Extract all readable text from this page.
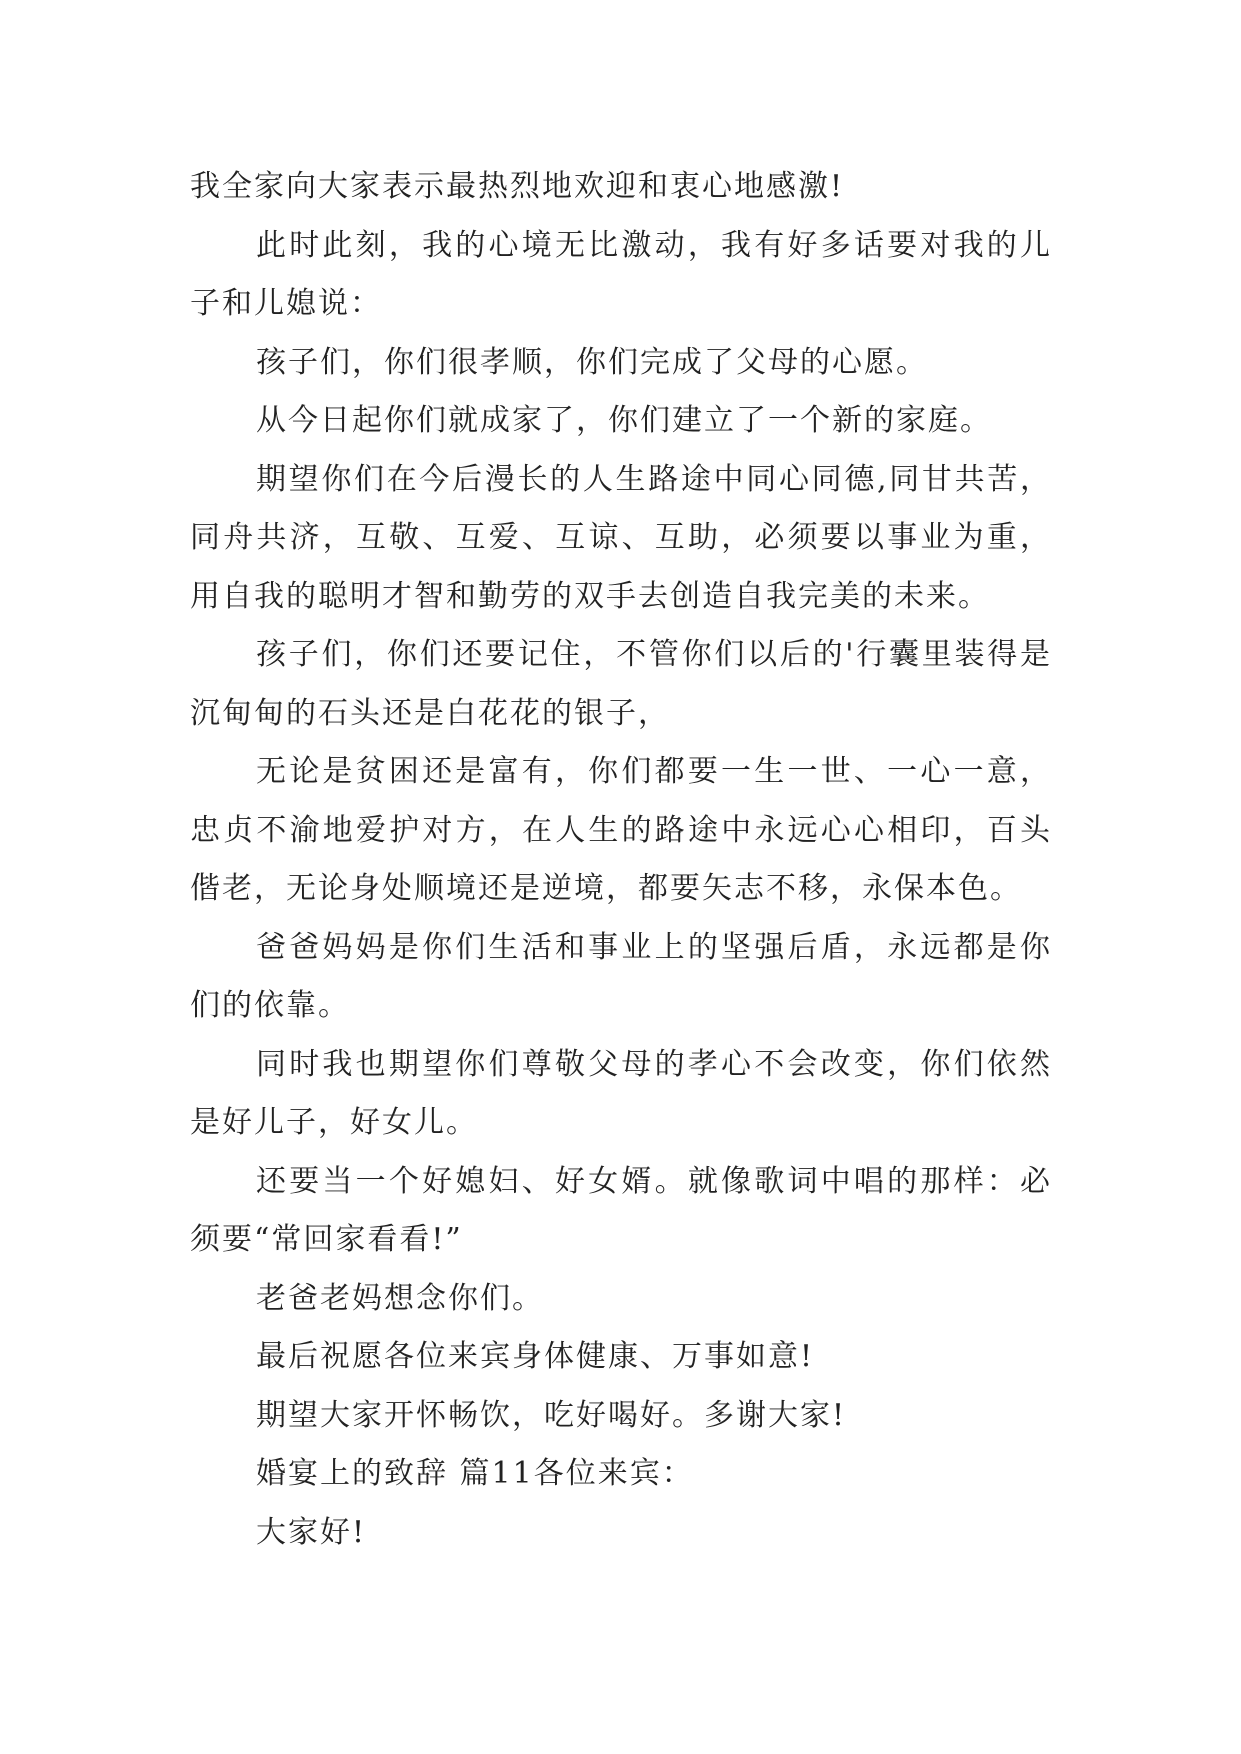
我全家向大家表示最热烈地欢迎和衷心地感激!

此时此刻，我的心境无比激动，我有好多话要对我的儿子和儿媳说：

孩子们，你们很孝顺，你们完成了父母的心愿。

从今日起你们就成家了，你们建立了一个新的家庭。

期望你们在今后漫长的人生路途中同心同德,同甘共苦，同舟共济，互敬、互爱、互谅、互助，必须要以事业为重，用自我的聪明才智和勤劳的双手去创造自我完美的未来。

孩子们，你们还要记住，不管你们以后的'行囊里装得是沉甸甸的石头还是白花花的银子，

无论是贫困还是富有，你们都要一生一世、一心一意，忠贞不渝地爱护对方，在人生的路途中永远心心相印，百头偕老，无论身处顺境还是逆境，都要矢志不移，永保本色。

爸爸妈妈是你们生活和事业上的坚强后盾，永远都是你们的依靠。

同时我也期望你们尊敬父母的孝心不会改变，你们依然是好儿子，好女儿。

还要当一个好媳妇、好女婿。就像歌词中唱的那样：必须要“常回家看看!”

老爸老妈想念你们。

最后祝愿各位来宾身体健康、万事如意!

期望大家开怀畅饮，吃好喝好。多谢大家!

婚宴上的致辞 篇11各位来宾：

大家好!
